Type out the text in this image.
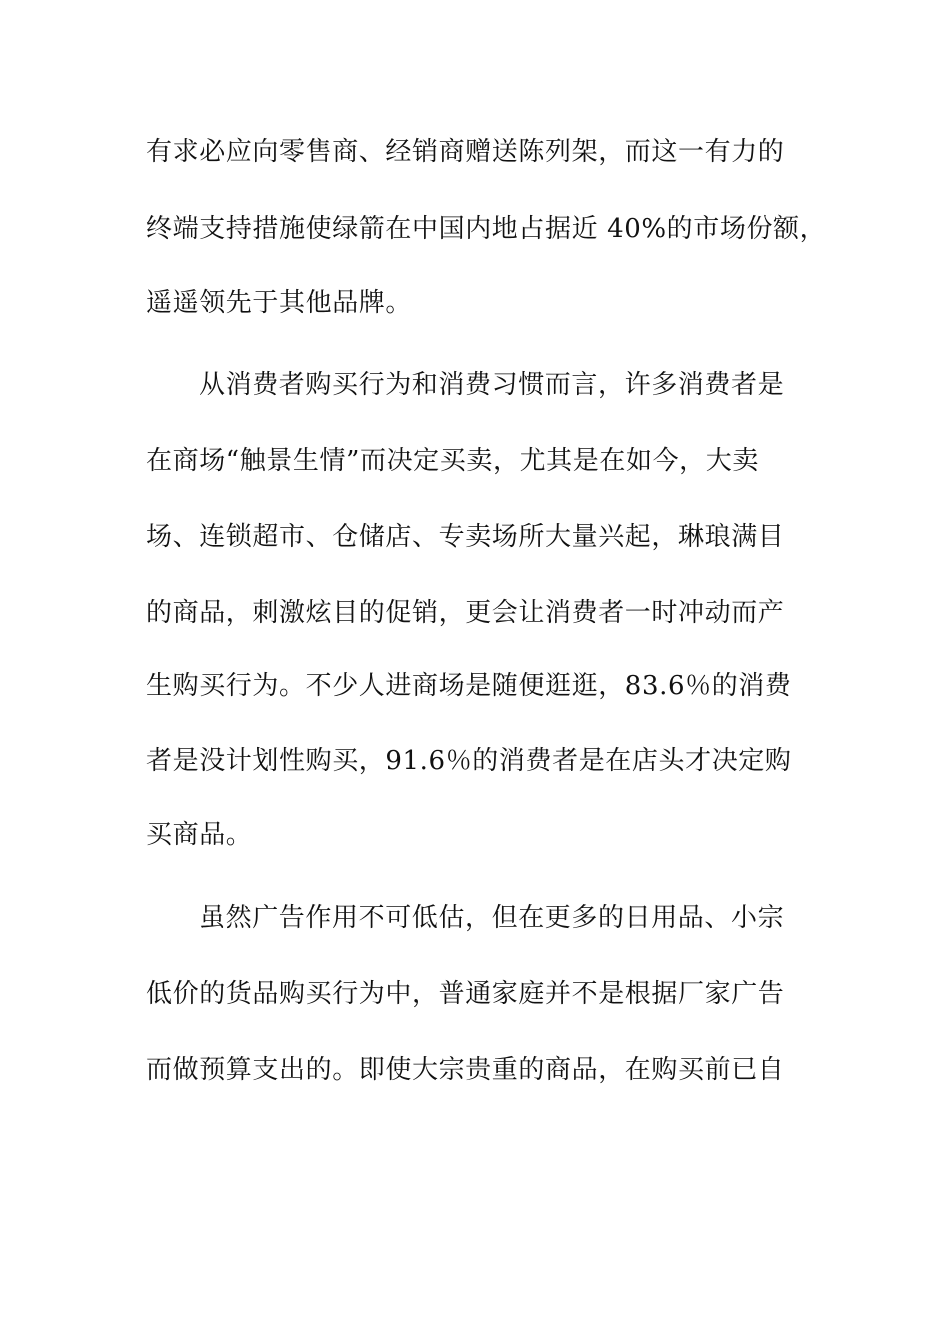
有求必应向零售商、经销商赠送陈列架，而这一有力的
终端支持措施使绿箭在中国内地占据近 40%的市场份额，
遥遥领先于其他品牌。
从消费者购买行为和消费习惯而言，许多消费者是
在商场“触景生情”而决定买卖，尤其是在如今，大卖
场、连锁超市、仓储店、专卖场所大量兴起，琳琅满目
的商品，刺激炫目的促销，更会让消费者一时冲动而产
生购买行为。不少人进商场是随便逛逛，83.6％的消费
者是没计划性购买，91.6％的消费者是在店头才决定购
买商品。
虽然广告作用不可低估，但在更多的日用品、小宗
低价的货品购买行为中，普通家庭并不是根据厂家广告
而做预算支出的。即使大宗贵重的商品，在购买前已自
